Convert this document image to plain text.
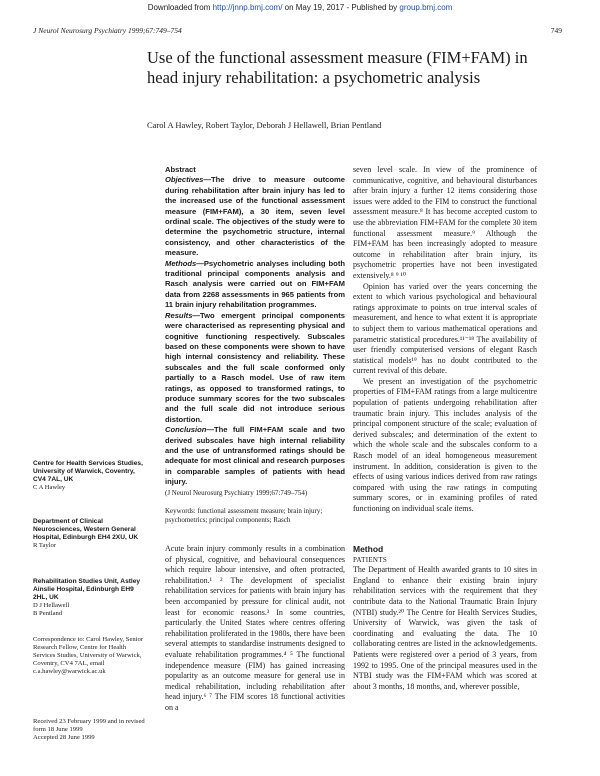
Downloaded from http://jnnp.bmj.com/ on May 19, 2017 - Published by group.bmj.com
J Neurol Neurosurg Psychiatry 1999;67:749–754	749
Use of the functional assessment measure (FIM+FAM) in head injury rehabilitation: a psychometric analysis
Carol A Hawley, Robert Taylor, Deborah J Hellawell, Brian Pentland

Abstract

Objectives—The drive to measure outcome during rehabilitation after brain injury has led to the increased use of the functional assessment measure (FIM+FAM), a 30 item, seven level ordinal scale. The objectives of the study were to determine the psychometric structure, internal consistency, and other characteristics of the measure.

Methods—Psychometric analyses including both traditional principal components analysis and Rasch analysis were carried out on FIM+FAM data from 2268 assessments in 965 patients from 11 brain injury rehabilitation programmes.

Results—Two emergent principal components were characterised as representing physical and cognitive functioning respectively. Subscales based on these components were shown to have high internal consistency and reliability. These subscales and the full scale conformed only partially to a Rasch model. Use of raw item ratings, as opposed to transformed ratings, to produce summary scores for the two subscales and the full scale did not introduce serious distortion.

Conclusion—The full FIM+FAM scale and two derived subscales have high internal reliability and the use of untransformed ratings should be adequate for most clinical and research purposes in comparable samples of patients with head injury.

(J Neurol Neurosurg Psychiatry 1999;67:749–754)

Keywords: functional assessment measure; brain injury; psychometrics; principal components; Rasch
Centre for Health Services Studies, University of Warwick, Coventry, CV4 7AL, UK
C A Hawley
Department of Clinical Neurosciences, Western General Hospital, Edinburgh EH4 2XU, UK
R Taylor
Rehabilitation Studies Unit, Astley Ainslie Hospital, Edinburgh EH9 2HL, UK
D J Hellawell
B Pentland
Correspondence to: Carol Hawley, Senior Research Fellow, Centre for Health Services Studies, University of Warwick, Coventry, CV4 7AL, email c.a.hawley@warwick.ac.uk
Received 23 February 1999 and in revised form 18 June 1999
Accepted 28 June 1999

Acute brain injury commonly results in a combination of physical, cognitive, and behavioural consequences which require labour intensive, and often protracted, rehabilitation.¹ ² The development of specialist rehabilitation services for patients with brain injury has been accompanied by pressure for clinical audit, not least for economic reasons.³ In some countries, particularly the United States where centres offering rehabilitation proliferated in the 1980s, there have been several attempts to standardise instruments designed to evaluate rehabilitation programmes.⁴ ⁵ The functional independence measure (FIM) has gained increasing popularity as an outcome measure for general use in medical rehabilitation, including rehabilitation after head injury.⁶ ⁷ The FIM scores 18 functional activities on a

seven level scale. In view of the prominence of communicative, cognitive, and behavioural disturbances after brain injury a further 12 items considering those issues were added to the FIM to construct the functional assessment measure.⁸ It has become accepted custom to use the abbreviation FIM+FAM for the complete 30 item functional assessment measure.⁹ Although the FIM+FAM has been increasingly adopted to measure outcome in rehabilitation after brain injury, its psychometric properties have not been investigated extensively.⁸ ⁹ ¹⁰

Opinion has varied over the years concerning the extent to which various psychological and behavioural ratings approximate to points on true interval scales of measurement, and hence to what extent it is appropriate to subject them to various mathematical operations and parametric statistical procedures.¹¹⁻¹⁸ The availability of user friendly computerised versions of elegant Rasch statistical models¹⁹ has no doubt contributed to the current revival of this debate.

We present an investigation of the psychometric properties of FIM+FAM ratings from a large multicentre population of patients undergoing rehabilitation after traumatic brain injury. This includes analysis of the principal component structure of the scale; evaluation of derived subscales; and determination of the extent to which the whole scale and the subscales conform to a Rasch model of an ideal homogeneous measurement instrument. In addition, consideration is given to the effects of using various indices derived from raw ratings compared with using the raw ratings in computing summary scores, or in examining profiles of rated functioning on individual scale items.

Method

PATIENTS

The Department of Health awarded grants to 10 sites in England to enhance their existing brain injury rehabilitation services with the requirement that they contribute data to the National Traumatic Brain Injury (NTBI) study.²⁰ The Centre for Health Services Studies, University of Warwick, was given the task of coordinating and evaluating the data. The 10 collaborating centres are listed in the acknowledgements. Patients were registered over a period of 3 years, from 1992 to 1995. One of the principal measures used in the NTBI study was the FIM+FAM which was scored at about 3 months, 18 months, and, wherever possible,
